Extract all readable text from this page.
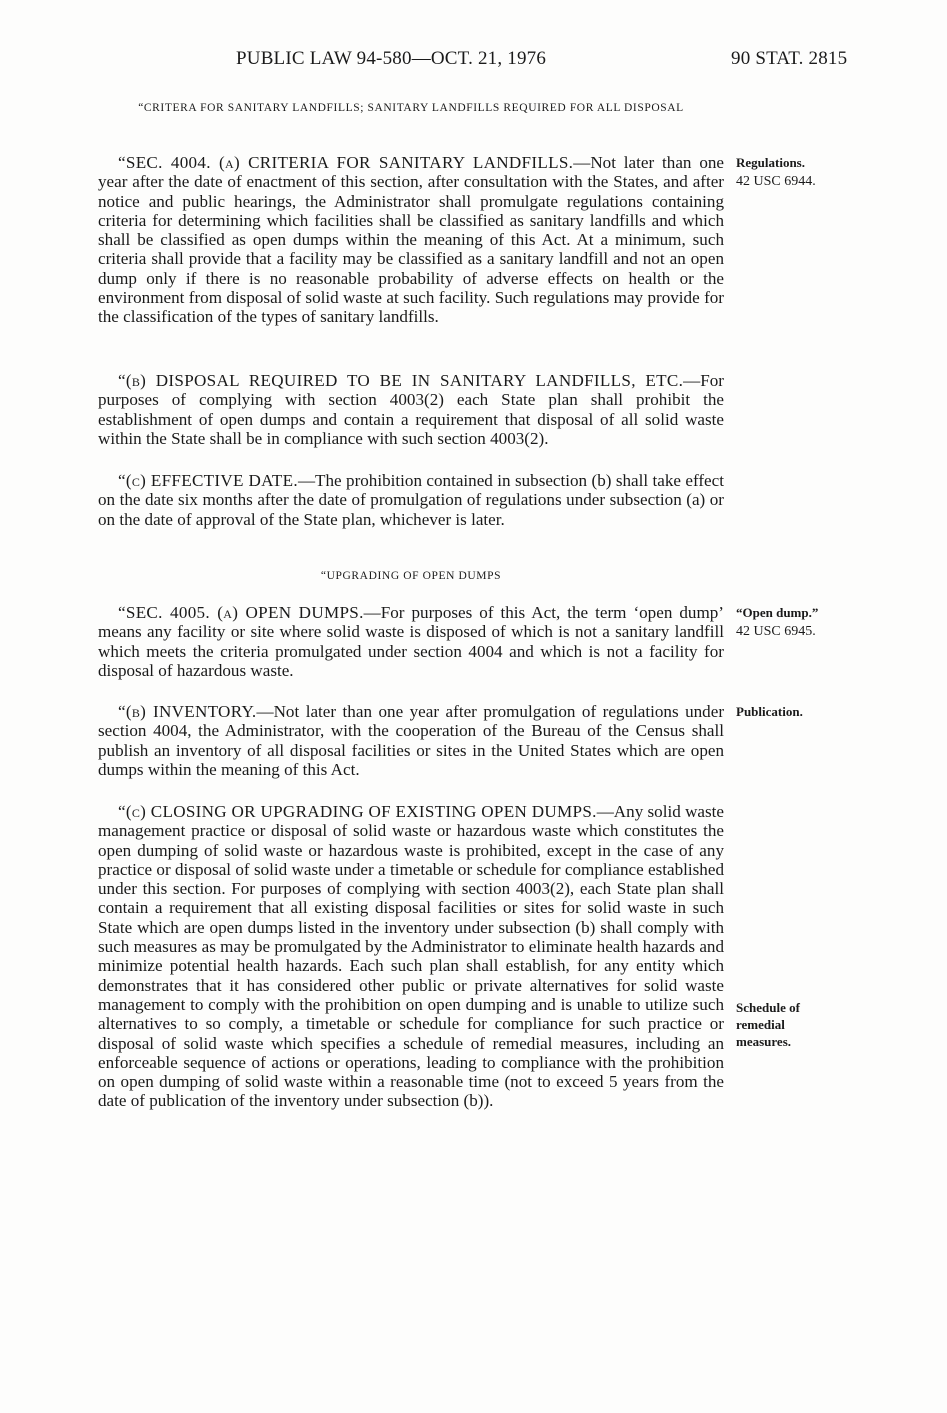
PUBLIC LAW 94-580—OCT. 21, 1976	90 STAT. 2815
“CRITERA FOR SANITARY LANDFILLS; SANITARY LANDFILLS REQUIRED FOR ALL DISPOSAL

“SEC. 4004. (a) CRITERIA FOR SANITARY LANDFILLS.—Not later than one year after the date of enactment of this section, after consultation with the States, and after notice and public hearings, the Administrator shall promulgate regulations containing criteria for determining which facilities shall be classified as sanitary landfills and which shall be classified as open dumps within the meaning of this Act. At a minimum, such criteria shall provide that a facility may be classified as a sanitary landfill and not an open dump only if there is no reasonable probability of adverse effects on health or the environment from disposal of solid waste at such facility. Such regulations may provide for the classification of the types of sanitary landfills.

“(b) DISPOSAL REQUIRED TO BE IN SANITARY LANDFILLS, ETC.—For purposes of complying with section 4003(2) each State plan shall prohibit the establishment of open dumps and contain a requirement that disposal of all solid waste within the State shall be in compliance with such section 4003(2).

“(c) EFFECTIVE DATE.—The prohibition contained in subsection (b) shall take effect on the date six months after the date of promulgation of regulations under subsection (a) or on the date of approval of the State plan, whichever is later.

“UPGRADING OF OPEN DUMPS

“SEC. 4005. (a) OPEN DUMPS.—For purposes of this Act, the term ‘open dump’ means any facility or site where solid waste is disposed of which is not a sanitary landfill which meets the criteria promulgated under section 4004 and which is not a facility for disposal of hazardous waste.

“(b) INVENTORY.—Not later than one year after promulgation of regulations under section 4004, the Administrator, with the cooperation of the Bureau of the Census shall publish an inventory of all disposal facilities or sites in the United States which are open dumps within the meaning of this Act.

“(c) CLOSING OR UPGRADING OF EXISTING OPEN DUMPS.—Any solid waste management practice or disposal of solid waste or hazardous waste which constitutes the open dumping of solid waste or hazardous waste is prohibited, except in the case of any practice or disposal of solid waste under a timetable or schedule for compliance established under this section. For purposes of complying with section 4003(2), each State plan shall contain a requirement that all existing disposal facilities or sites for solid waste in such State which are open dumps listed in the inventory under subsection (b) shall comply with such measures as may be promulgated by the Administrator to eliminate health hazards and minimize potential health hazards. Each such plan shall establish, for any entity which demonstrates that it has considered other public or private alternatives for solid waste management to comply with the prohibition on open dumping and is unable to utilize such alternatives to so comply, a timetable or schedule for compliance for such practice or disposal of solid waste which specifies a schedule of remedial measures, including an enforceable sequence of actions or operations, leading to compliance with the prohibition on open dumping of solid waste within a reasonable time (not to exceed 5 years from the date of publication of the inventory under subsection (b)).

Regulations.
42 USC 6944.
“Open dump.”
42 USC 6945.
Publication.
Schedule of
remedial
measures.
